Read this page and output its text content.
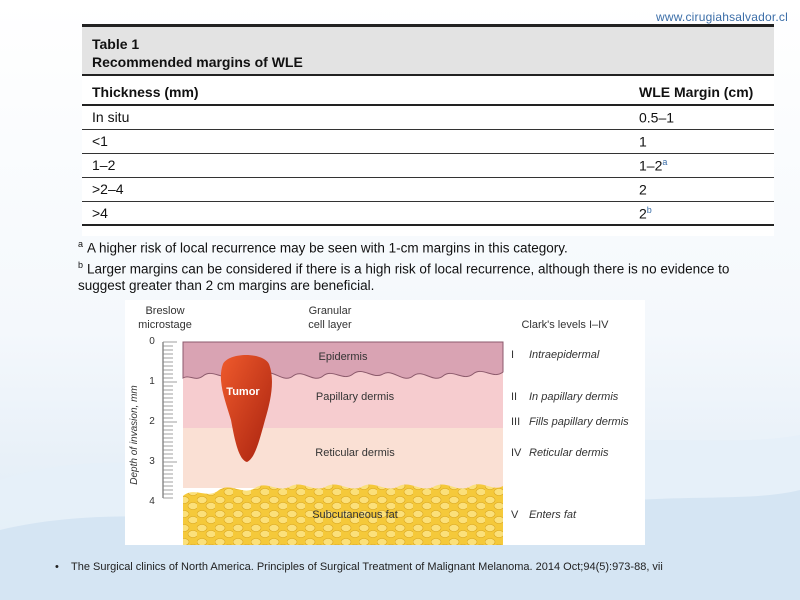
www.cirugiahsalvador.cl
Table 1
Recommended margins of WLE
Thickness (mm)	WLE Margin (cm)
In situ	0.5–1
<1	1
1–2	1–2$^a$
>2–4	2
>4	2$^b$

$^a$ A higher risk of local recurrence may be seen with 1-cm margins in this category.

$^b$ Larger margins can be considered if there is a high risk of local recurrence, although there is no evidence to suggest greater than 2 cm margins are beneficial.

Breslow
microstage
Granular
cell layer	Clark's levels I–IV
Depth of invasion, mm
0
1
2
3
4
Tumor
Epidermis
Papillary dermis
Reticular dermis
Subcutaneous fat
I Intraepidermal
II In papillary dermis
III Fills papillary dermis
IV Reticular dermis
V Enters fat
• The Surgical clinics of North America. Principles of Surgical Treatment of Malignant Melanoma. 2014 Oct;94(5):973-88, vii
